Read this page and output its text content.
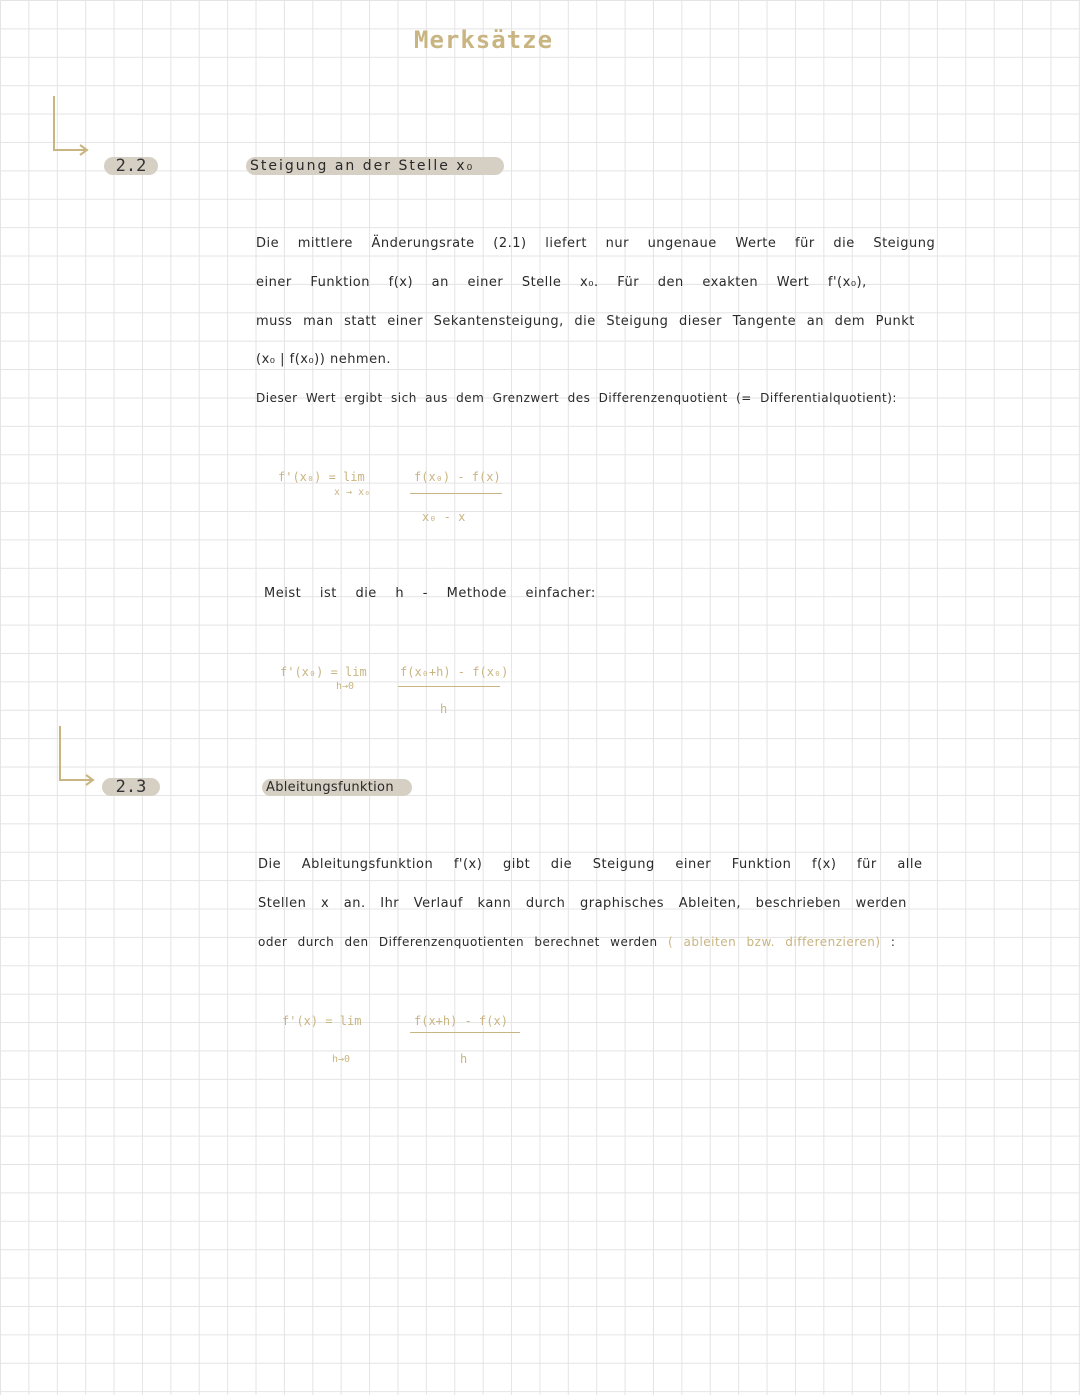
Merksätze
2.2	Steigung an der Stelle x₀
Die mittlere Änderungsrate (2.1) liefert nur ungenaue Werte für die Steigung
einer Funktion f(x) an einer Stelle x₀. Für den exakten Wert f'(x₀),
muss man statt einer Sekantensteigung, die Steigung dieser Tangente an dem Punkt
(x₀ | f(x₀)) nehmen.
Dieser Wert ergibt sich aus dem Grenzwert des Differenzenquotient (= Differentialquotient):
f'(x₀) = lim
x → x₀
f(x₀) - f(x)
x₀ - x
Meist ist die h - Methode einfacher:
f'(x₀) = lim
h→0
f(x₀+h) - f(x₀)
h
2.3	Ableitungsfunktion
Die Ableitungsfunktion f'(x) gibt die Steigung einer Funktion f(x) für alle
Stellen x an. Ihr Verlauf kann durch graphisches Ableiten, beschrieben werden
oder durch den Differenzenquotienten berechnet werden ( ableiten bzw. differenzieren) :
f'(x) = lim
h→0
f(x+h) - f(x)
h
